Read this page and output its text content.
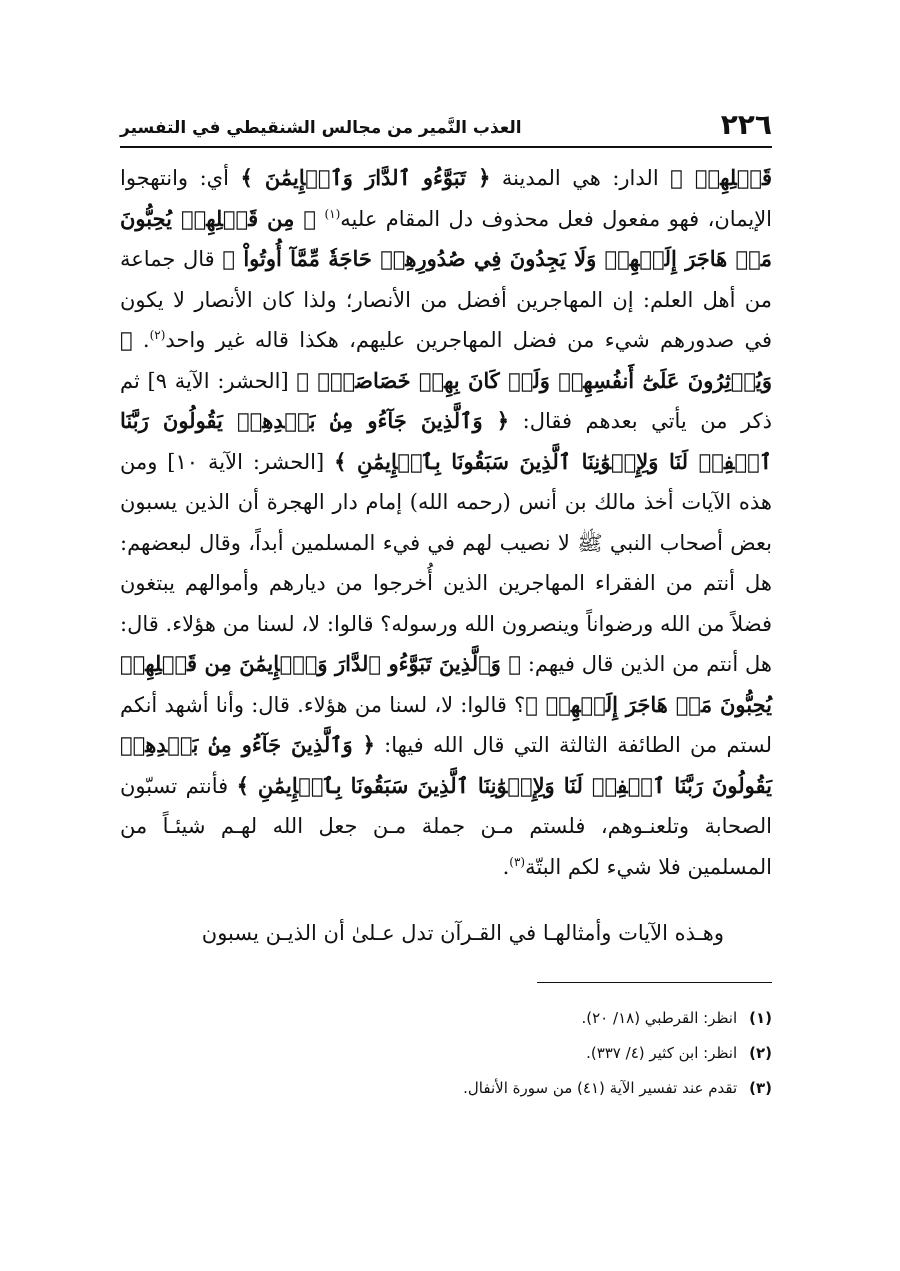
٢٢٦
العذب النَّمير من مجالس الشنقيطي في التفسير

قَبۡلِهِمۡ ﴾ الدار: هي المدينة ﴿ تَبَوَّءُو ٱلدَّارَ وَٱلۡإِيمَٰنَ ﴾ أي: وانتهجوا الإيمان، فهو مفعول فعل محذوف دل المقام عليه$^{(١)}$ ﴿ مِن قَبۡلِهِمۡ يُحِبُّونَ مَنۡ هَاجَرَ إِلَيۡهِمۡ وَلَا يَجِدُونَ فِي صُدُورِهِمۡ حَاجَةٗ مِّمَّآ أُوتُواْ ﴾ قال جماعة من أهل العلم: إن المهاجرين أفضل من الأنصار؛ ولذا كان الأنصار لا يكون في صدورهم شيء من فضل المهاجرين عليهم، هكذا قاله غير واحد$^{(٢)}$. ﴿ وَيُؤۡثِرُونَ عَلَىٰٓ أَنفُسِهِمۡ وَلَوۡ كَانَ بِهِمۡ خَصَاصَةٞۚ ﴾ [الحشر: الآية ٩] ثم ذكر من يأتي بعدهم فقال: ﴿ وَٱلَّذِينَ جَآءُو مِنۢ بَعۡدِهِمۡ يَقُولُونَ رَبَّنَا ٱغۡفِرۡ لَنَا وَلِإِخۡوَٰنِنَا ٱلَّذِينَ سَبَقُونَا بِٱلۡإِيمَٰنِ ﴾ [الحشر: الآية ١٠] ومن هذه الآيات أخذ مالك بن أنس (رحمه الله) إمام دار الهجرة أن الذين يسبون بعض أصحاب النبي ﷺ لا نصيب لهم في فيء المسلمين أبداً، وقال لبعضهم: هل أنتم من الفقراء المهاجرين الذين أُخرجوا من ديارهم وأموالهم يبتغون فضلاً من الله ورضواناً وينصرون الله ورسوله؟ قالوا: لا، لسنا من هؤلاء. قال: هل أنتم من الذين قال فيهم: ﴿ وَٱلَّذِينَ تَبَوَّءُو ٱلدَّارَ وَٱلۡإِيمَٰنَ مِن قَبۡلِهِمۡ يُحِبُّونَ مَنۡ هَاجَرَ إِلَيۡهِمۡ ﴾؟ قالوا: لا، لسنا من هؤلاء. قال: وأنا أشهد أنكم لستم من الطائفة الثالثة التي قال الله فيها: ﴿ وَٱلَّذِينَ جَآءُو مِنۢ بَعۡدِهِمۡ يَقُولُونَ رَبَّنَا ٱغۡفِرۡ لَنَا وَلِإِخۡوَٰنِنَا ٱلَّذِينَ سَبَقُونَا بِٱلۡإِيمَٰنِ ﴾ فأنتم تسبّون الصحابة وتلعنـوهم، فلستم مـن جملة مـن جعل الله لهـم شيئـاً من المسلمين فلا شيء لكم البتّة$^{(٣)}$.

وهـذه الآيات وأمثالهـا في القـرآن تدل عـلىٰ أن الذيـن يسبون

(١)
انظر: القرطبي (١٨/ ٢٠).
(٢)
انظر: ابن كثير (٤/ ٣٣٧).
(٣)
تقدم عند تفسير الآية (٤١) من سورة الأنفال.
